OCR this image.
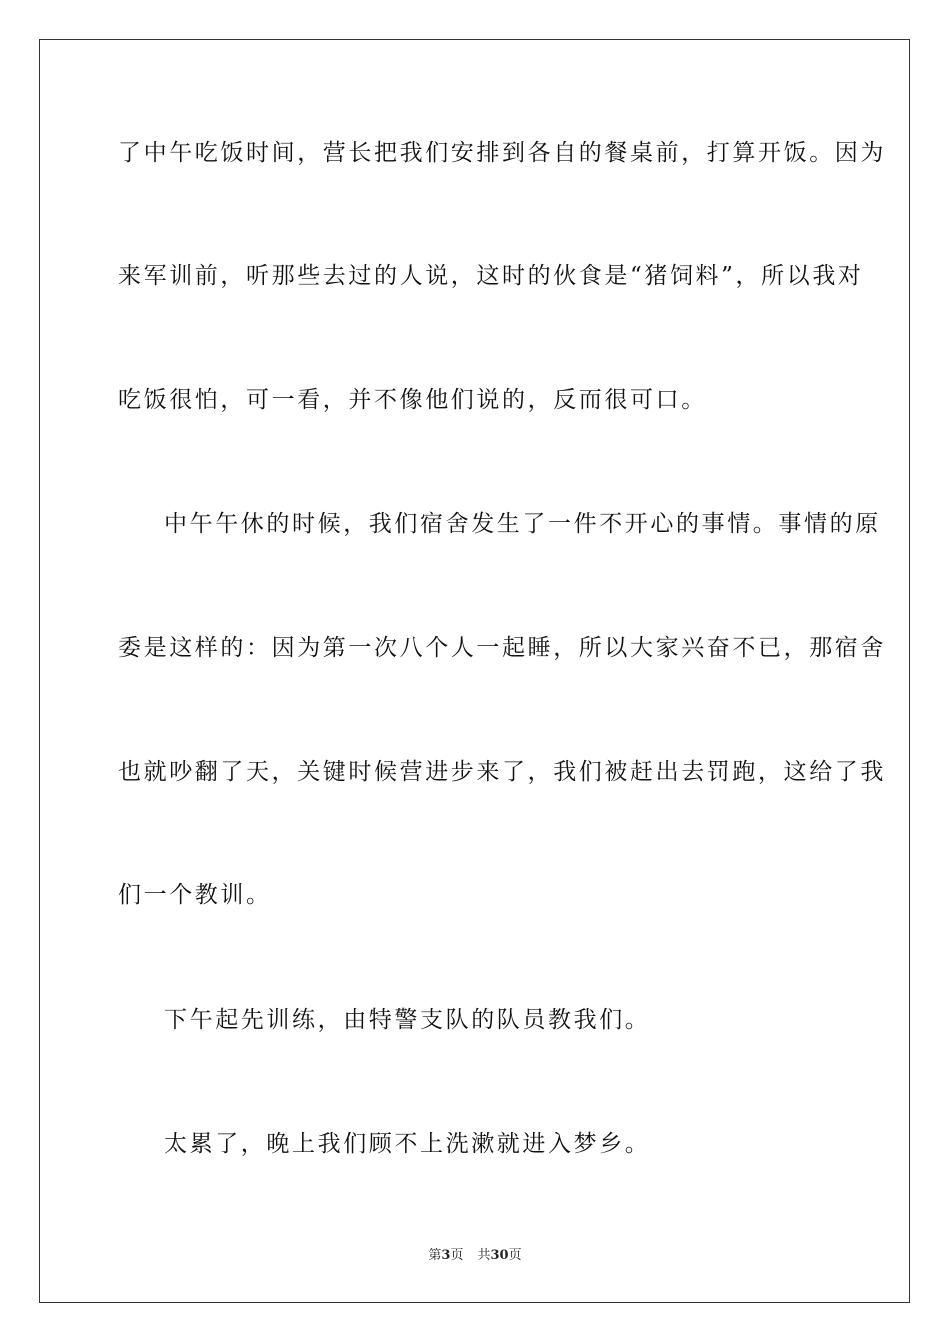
了中午吃饭时间，营长把我们安排到各自的餐桌前，打算开饭。因为
来军训前，听那些去过的人说，这时的伙食是“猪饲料”，所以我对
吃饭很怕，可一看，并不像他们说的，反而很可口。
中午午休的时候，我们宿舍发生了一件不开心的事情。事情的原
委是这样的：因为第一次八个人一起睡，所以大家兴奋不已，那宿舍
也就吵翻了天，关键时候营进步来了，我们被赶出去罚跑，这给了我
们一个教训。
下午起先训练，由特警支队的队员教我们。
太累了，晚上我们顾不上洗漱就进入梦乡。
第3页 共30页
